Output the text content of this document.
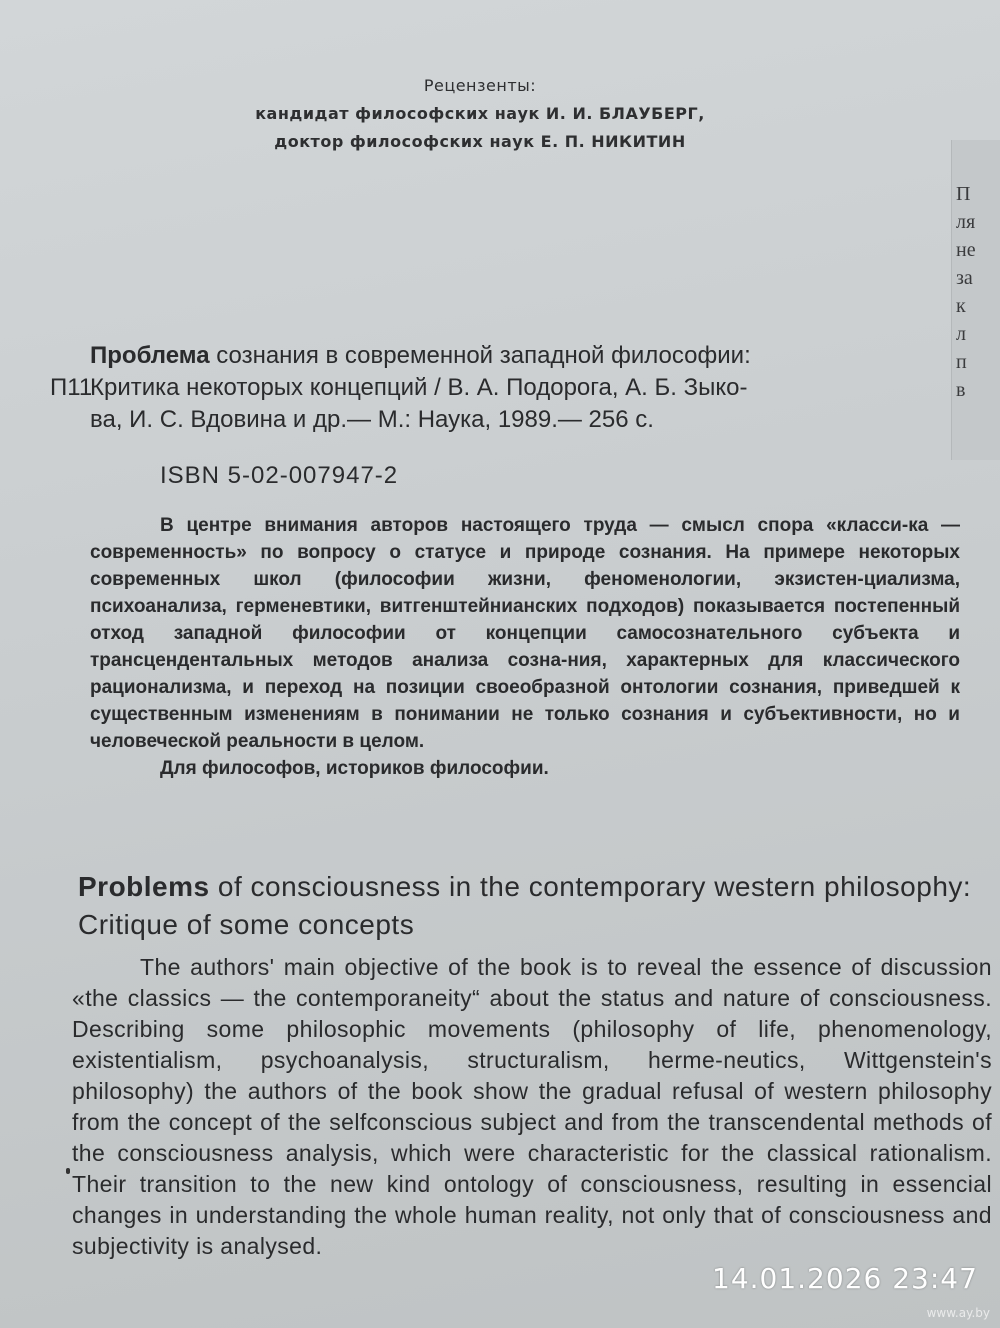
П
ля
не
за
к
л
п
в
Рецензенты:
кандидат философских наук И. И. БЛАУБЕРГ,
доктор философских наук Е. П. НИКИТИН
Проблема сознания в современной западной философии:
П11
Критика некоторых концепций / В. А. Подорога, А. Б. Зыко-
ва, И. С. Вдовина и др.— М.: Наука, 1989.— 256 с.
ISBN 5-02-007947-2

В центре внимания авторов настоящего труда — смысл спора «класси-ка — современность» по вопросу о статусе и природе сознания. На примере некоторых современных школ (философии жизни, феноменологии, экзистен-циализма, психоанализа, герменевтики, витгенштейнианских подходов) показывается постепенный отход западной философии от концепции самосознательного субъекта и трансцендентальных методов анализа созна-ния, характерных для классического рационализма, и переход на позиции своеобразной онтологии сознания, приведшей к существенным изменениям в понимании не только сознания и субъективности, но и человеческой реальности в целом.

Для философов, историков философии.

Problems of consciousness in the contemporary western philosophy: Critique of some concepts

The authors' main objective of the book is to reveal the essence of discussion «the classics — the contemporaneity“ about the status and nature of consciousness. Describing some philosophic movements (philosophy of life, phenomenology, existentialism, psychoanalysis, structuralism, herme-neutics, Wittgenstein's philosophy) the authors of the book show the gradual refusal of western philosophy from the concept of the selfconscious subject and from the transcendental methods of the consciousness analysis, which were characteristic for the classical rationalism. Their transition to the new kind ontology of consciousness, resulting in essencial changes in understanding the whole human reality, not only that of consciousness and subjectivity is analysed.

14.01.2026 23:47
www.ay.by
